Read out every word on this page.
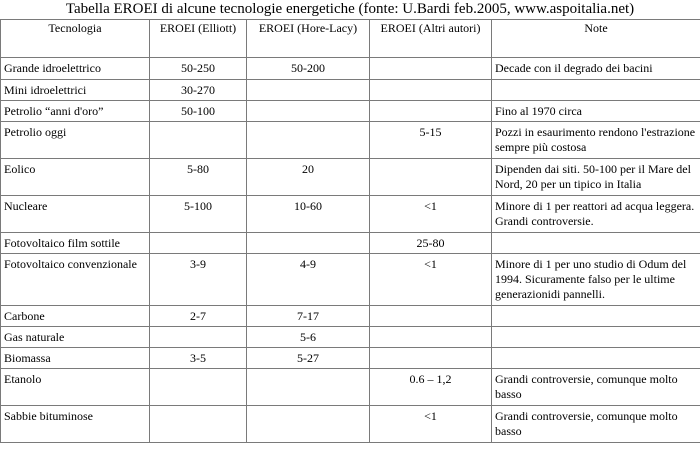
Tabella EROEI di alcune tecnologie energetiche (fonte: U.Bardi feb.2005, www.aspoitalia.net)
Tecnologia	EROEI (Elliott)	EROEI (Hore-Lacy)	EROEI (Altri autori)	Note
Grande idroelettrico	50-250	50-200		Decade con il degrado dei bacini
Mini idroelettrici	30-270			
Petrolio “anni d'oro”	50-100			Fino al 1970 circa
Petrolio oggi			5-15	Pozzi in esaurimento rendono l'estrazione sempre più costosa
Eolico	5-80	20		Dipenden dai siti. 50-100 per il Mare del Nord, 20 per un tipico in Italia
Nucleare	5-100	10-60	<1	Minore di 1 per reattori ad acqua leggera. Grandi controversie.
Fotovoltaico film sottile			25-80	
Fotovoltaico convenzionale	3-9	4-9	<1	Minore di 1 per uno studio di Odum del 1994. Sicuramente falso per le ultime generazionidi pannelli.
Carbone	2-7	7-17		
Gas naturale		5-6		
Biomassa	3-5	5-27		
Etanolo			0.6 – 1,2	Grandi controversie, comunque molto basso
Sabbie bituminose			<1	Grandi controversie, comunque molto basso
